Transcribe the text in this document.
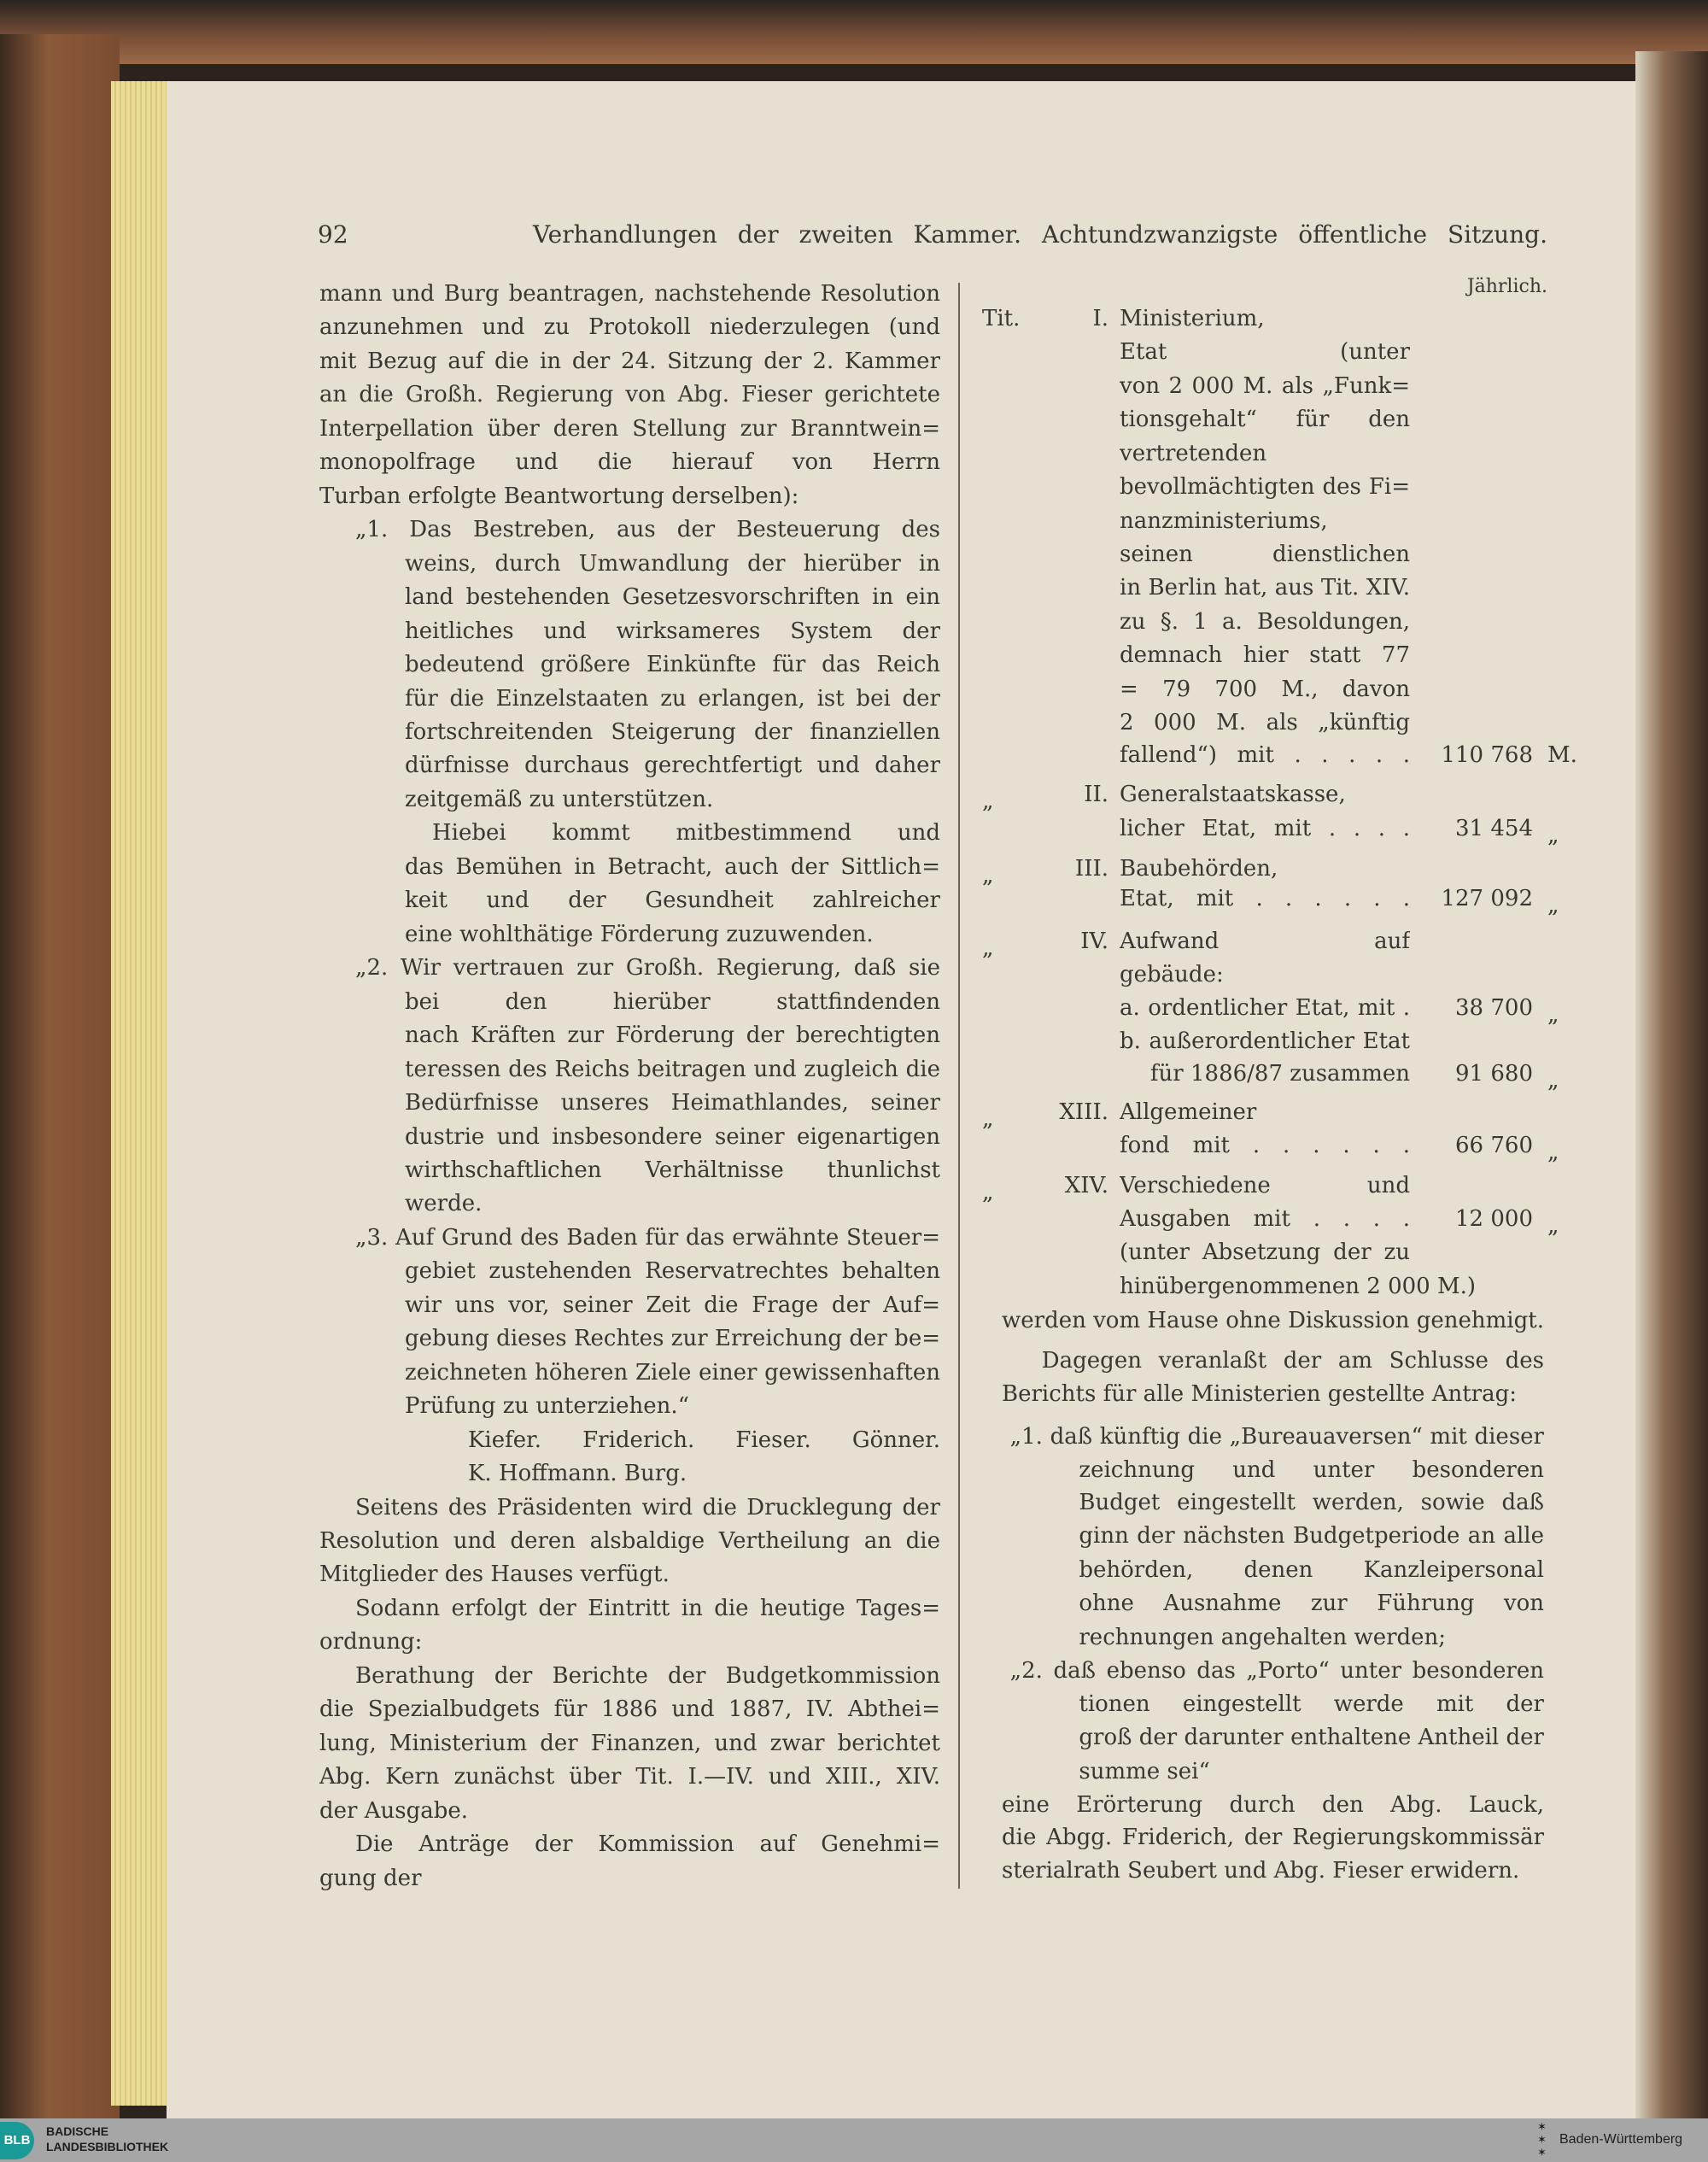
92	Verhandlungen der zweiten Kammer. Achtundzwanzigste öffentliche Sitzung.
mann und Burg beantragen, nachstehende Resolution
anzunehmen und zu Protokoll niederzulegen (und
mit Bezug auf die in der 24. Sitzung der 2. Kammer
an die Großh. Regierung von Abg. Fieser gerichtete
Interpellation über deren Stellung zur Branntwein=
monopolfrage und die hierauf von Herrn
Turban erfolgte Beantwortung derselben):
„1. Das Bestreben, aus der Besteuerung des
weins, durch Umwandlung der hierüber in
land bestehenden Gesetzesvorschriften in ein
heitliches und wirksameres System der
bedeutend größere Einkünfte für das Reich
für die Einzelstaaten zu erlangen, ist bei der
fortschreitenden Steigerung der finanziellen
dürfnisse durchaus gerechtfertigt und daher
zeitgemäß zu unterstützen.
Hiebei kommt mitbestimmend und
das Bemühen in Betracht, auch der Sittlich=
keit und der Gesundheit zahlreicher
eine wohlthätige Förderung zuzuwenden.
„2. Wir vertrauen zur Großh. Regierung, daß sie
bei den hierüber stattfindenden
nach Kräften zur Förderung der berechtigten
teressen des Reichs beitragen und zugleich die
Bedürfnisse unseres Heimathlandes, seiner
dustrie und insbesondere seiner eigenartigen
wirthschaftlichen Verhältnisse thunlichst
werde.
„3. Auf Grund des Baden für das erwähnte Steuer=
gebiet zustehenden Reservatrechtes behalten
wir uns vor, seiner Zeit die Frage der Auf=
gebung dieses Rechtes zur Erreichung der be=
zeichneten höheren Ziele einer gewissenhaften
Prüfung zu unterziehen.“
Kiefer. Friderich. Fieser. Gönner.
K. Hoffmann. Burg.
Seitens des Präsidenten wird die Drucklegung der
Resolution und deren alsbaldige Vertheilung an die
Mitglieder des Hauses verfügt.
Sodann erfolgt der Eintritt in die heutige Tages=
ordnung:
Berathung der Berichte der Budgetkommission
die Spezialbudgets für 1886 und 1887, IV. Abthei=
lung, Ministerium der Finanzen, und zwar berichtet
Abg. Kern zunächst über Tit. I.—IV. und XIII., XIV.
der Ausgabe.
Die Anträge der Kommission auf Genehmi=
gung der
Jährlich.
Tit.	I. Ministerium,
Etat (unter
von 2 000 M. als „Funk=
tionsgehalt“ für den
vertretenden
bevollmächtigten des Fi=
nanzministeriums,
seinen dienstlichen
in Berlin hat, aus Tit. XIV.
zu §. 1 a. Besoldungen,
demnach hier statt 77
= 79 700 M., davon
2 000 M. als „künftig
fallend“) mit . . . . .	110 768 M.
„	II. Generalstaatskasse,
licher Etat, mit . . . .	31 454 „
„	III. Baubehörden,
Etat, mit . . . . . .	127 092 „
„	IV. Aufwand auf
gebäude:
a. ordentlicher Etat, mit .	38 700 „
b. außerordentlicher Etat
für 1886/87 zusammen	91 680 „
„	XIII. Allgemeiner
fond mit . . . . . .	66 760 „
„	XIV. Verschiedene und
Ausgaben mit . . . .	12 000 „
(unter Absetzung der zu
hinübergenommenen 2 000 M.)
werden vom Hause ohne Diskussion genehmigt.
Dagegen veranlaßt der am Schlusse des
Berichts für alle Ministerien gestellte Antrag:
„1. daß künftig die „Bureauaversen“ mit dieser
zeichnung und unter besonderen
Budget eingestellt werden, sowie daß
ginn der nächsten Budgetperiode an alle
behörden, denen Kanzleipersonal
ohne Ausnahme zur Führung von
rechnungen angehalten werden;
„2. daß ebenso das „Porto“ unter besonderen
tionen eingestellt werde mit der
groß der darunter enthaltene Antheil der
summe sei“
eine Erörterung durch den Abg. Lauck,
die Abgg. Friderich, der Regierungskommissär
sterialrath Seubert und Abg. Fieser erwidern.
BLB
BADISCHE
LANDESBIBLIOTHEK
✶
✶
✶
Baden-Württemberg
